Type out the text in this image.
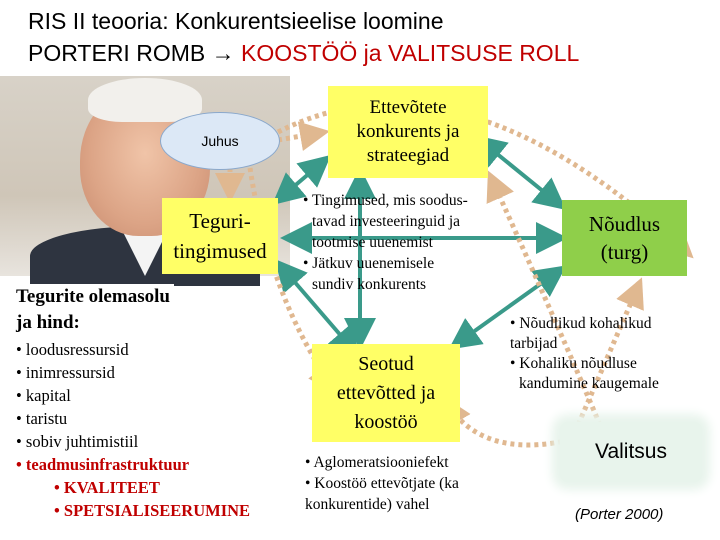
RIS II teooria: Konkurentsieelise loomine
PORTERI ROMB → KOOSTÖÖ ja VALITSUSE ROLL
Juhus
Ettevõtete konkurents ja strateegiad
Teguri-tingimused
Nõudlus (turg)
Seotud ettevõtted ja koostöö
Valitsus
• Tingimused, mis soodus-
tavad investeeringuid ja
tootmise uuenemist
• Jätkuv uuenemisele
sundiv konkurents
Tegurite olemasolu
ja hind:
• loodusressursid
• inimressursid
• kapital
• taristu
• sobiv juhtimistiil
• teadmusinfrastruktuur
• KVALITEET
• SPETSIALISEERUMINE
• Nõudlikud kohalikud
tarbijad
• Kohaliku nõudluse
kandumine kaugemale
• Aglomeratsiooniefekt
• Koostöö ettevõtjate (ka
konkurentide) vahel
(Porter 2000)
